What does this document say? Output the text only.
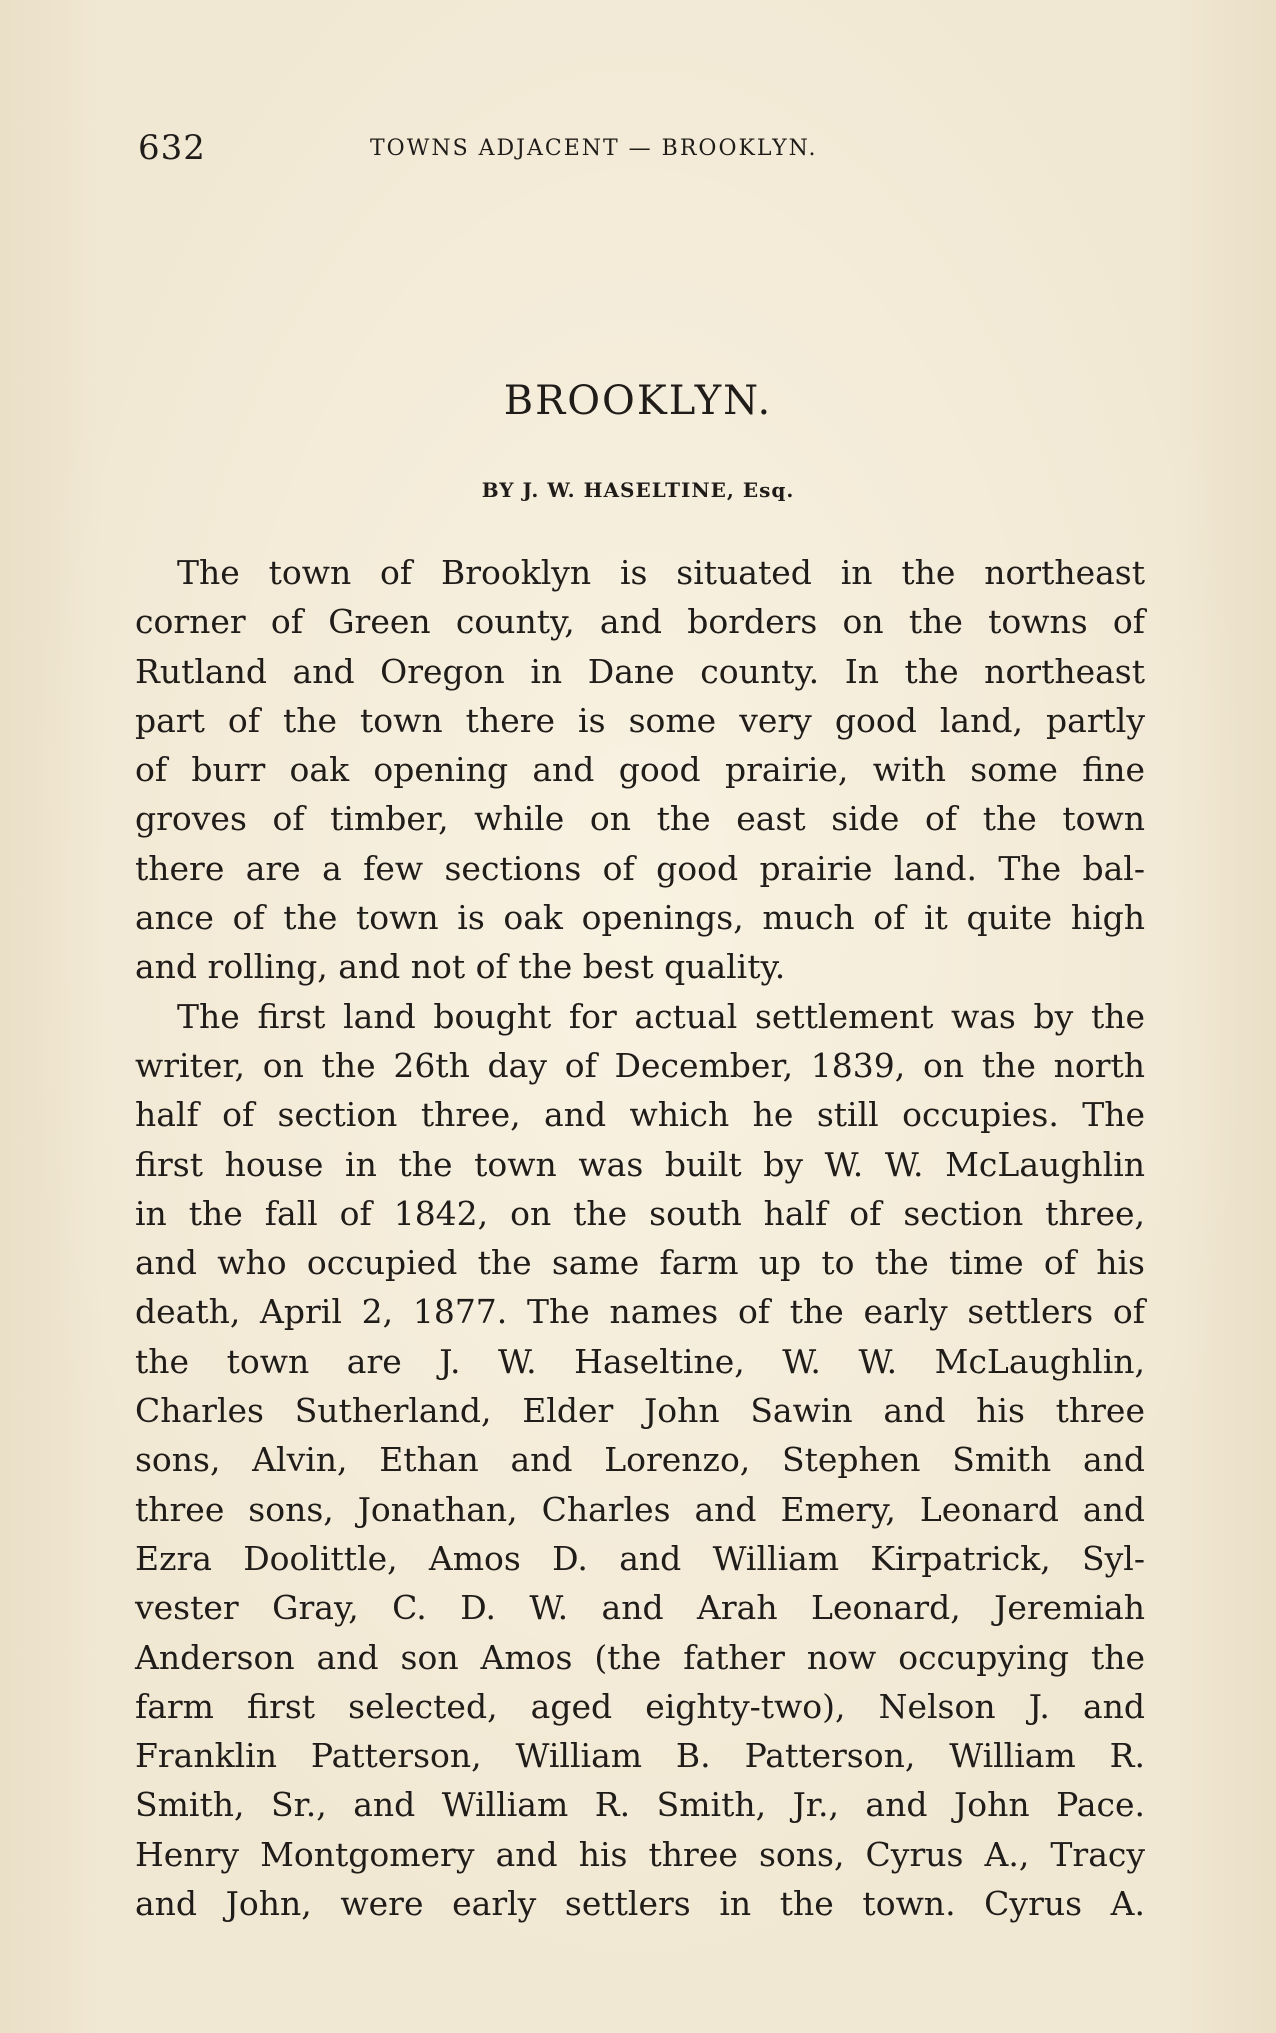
632	TOWNS ADJACENT — BROOKLYN.
BROOKLYN.
BY J. W. HASELTINE, Esq.
The town of Brooklyn is situated in the northeast
corner of Green county, and borders on the towns of
Rutland and Oregon in Dane county. In the northeast
part of the town there is some very good land, partly
of burr oak opening and good prairie, with some fine
groves of timber, while on the east side of the town
there are a few sections of good prairie land. The bal-
ance of the town is oak openings, much of it quite high
and rolling, and not of the best quality.
The first land bought for actual settlement was by the
writer, on the 26th day of December, 1839, on the north
half of section three, and which he still occupies. The
first house in the town was built by W. W. McLaughlin
in the fall of 1842, on the south half of section three,
and who occupied the same farm up to the time of his
death, April 2, 1877. The names of the early settlers of
the town are J. W. Haseltine, W. W. McLaughlin,
Charles Sutherland, Elder John Sawin and his three
sons, Alvin, Ethan and Lorenzo, Stephen Smith and
three sons, Jonathan, Charles and Emery, Leonard and
Ezra Doolittle, Amos D. and William Kirpatrick, Syl-
vester Gray, C. D. W. and Arah Leonard, Jeremiah
Anderson and son Amos (the father now occupying the
farm first selected, aged eighty-two), Nelson J. and
Franklin Patterson, William B. Patterson, William R.
Smith, Sr., and William R. Smith, Jr., and John Pace.
Henry Montgomery and his three sons, Cyrus A., Tracy
and John, were early settlers in the town. Cyrus A.
